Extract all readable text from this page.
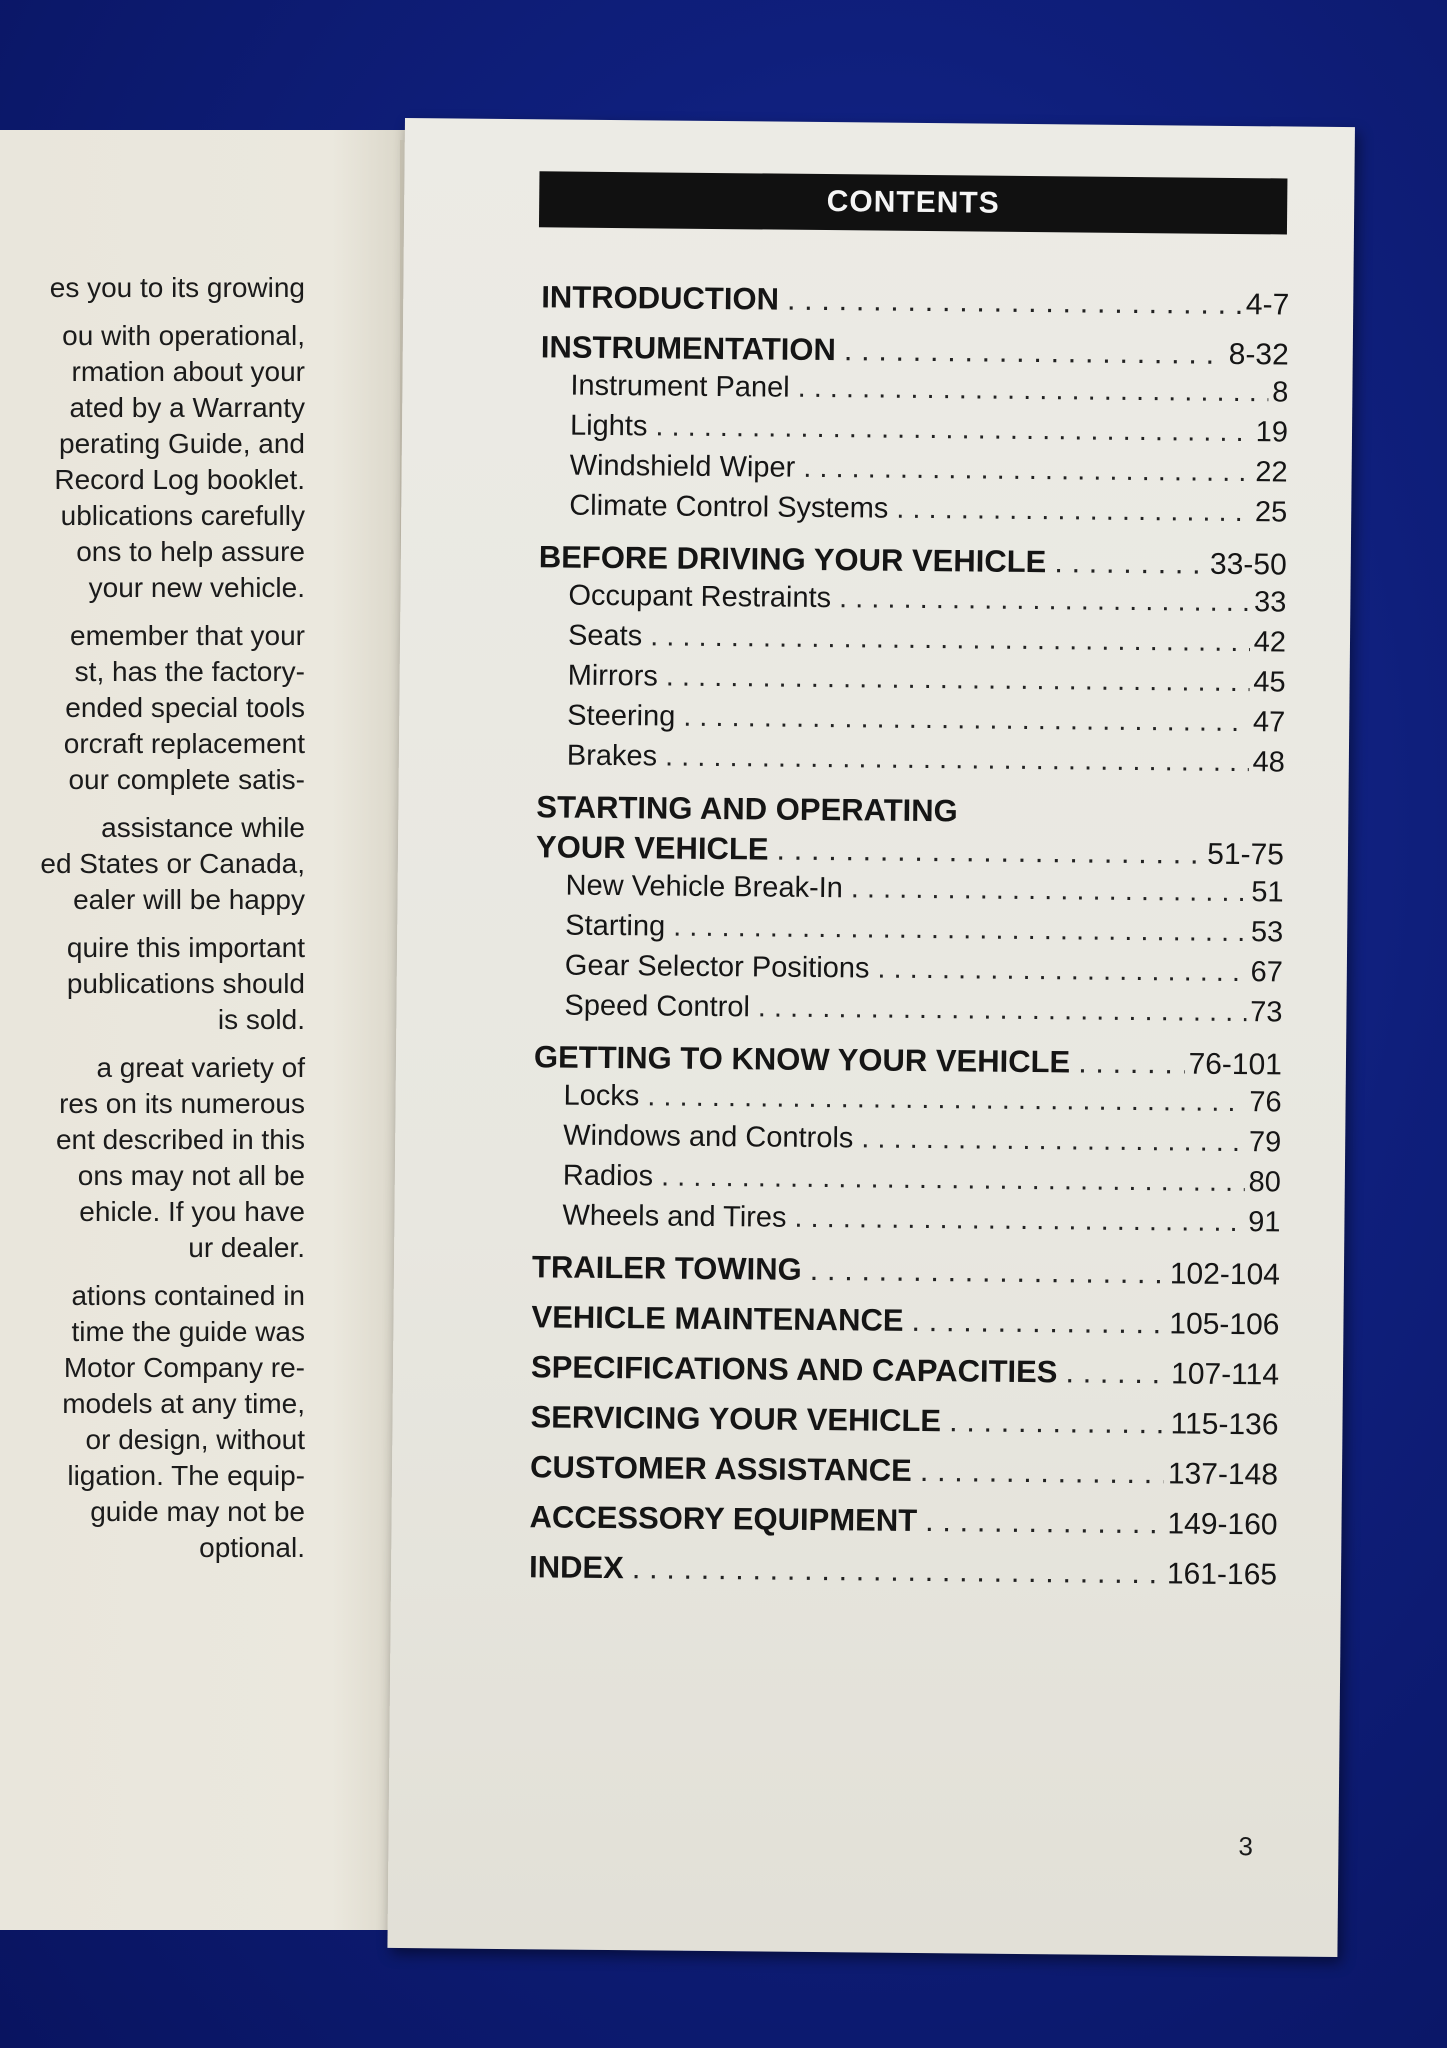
es you to its growing
ou with operational,
rmation about your
ated by a Warranty
perating Guide, and
Record Log booklet.
ublications carefully
ons to help assure
your new vehicle.
emember that your
st, has the factory-
ended special tools
orcraft replacement
our complete satis-
assistance while
ed States or Canada,
ealer will be happy
quire this important
publications should
is sold.
a great variety of
res on its numerous
ent described in this
ons may not all be
ehicle. If you have
ur dealer.
ations contained in
time the guide was
Motor Company re-
models at any time,
or design, without
ligation. The equip-
guide may not be
optional.
CONTENTS
INTRODUCTION . . .	4-7
INSTRUMENTATION . . .	8-32
Instrument Panel . . .	8
Lights . . .	19
Windshield Wiper . . .	22
Climate Control Systems . . .	25
BEFORE DRIVING YOUR VEHICLE . . .	33-50
Occupant Restraints . . .	33
Seats . . .	42
Mirrors . . .	45
Steering . . .	47
Brakes . . .	48
STARTING AND OPERATING
YOUR VEHICLE . . .	51-75
New Vehicle Break-In . . .	51
Starting . . .	53
Gear Selector Positions . . .	67
Speed Control . . .	73
GETTING TO KNOW YOUR VEHICLE . . .	76-101
Locks . . .	76
Windows and Controls . . .	79
Radios . . .	80
Wheels and Tires . . .	91
TRAILER TOWING . . .	102-104
VEHICLE MAINTENANCE . . .	105-106
SPECIFICATIONS AND CAPACITIES . . .	107-114
SERVICING YOUR VEHICLE . . .	115-136
CUSTOMER ASSISTANCE . . .	137-148
ACCESSORY EQUIPMENT . . .	149-160
INDEX . . .	161-165
3
